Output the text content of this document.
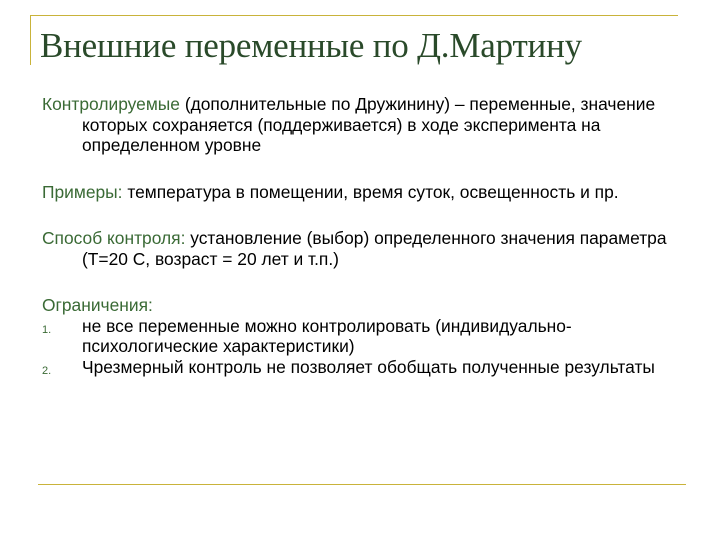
Внешние переменные по Д.Мартину

Контролируемые (дополнительные по Дружинину) – переменные, значение которых сохраняется (поддерживается) в ходе эксперимента на определенном уровне

Примеры: температура в помещении, время суток, освещенность и пр.

Способ контроля: установление (выбор) определенного значения параметра (Т=20 С, возраст = 20 лет и т.п.)

Ограничения:

1. не все переменные можно контролировать (индивидуально-психологические характеристики)

2. Чрезмерный контроль не позволяет обобщать полученные результаты
